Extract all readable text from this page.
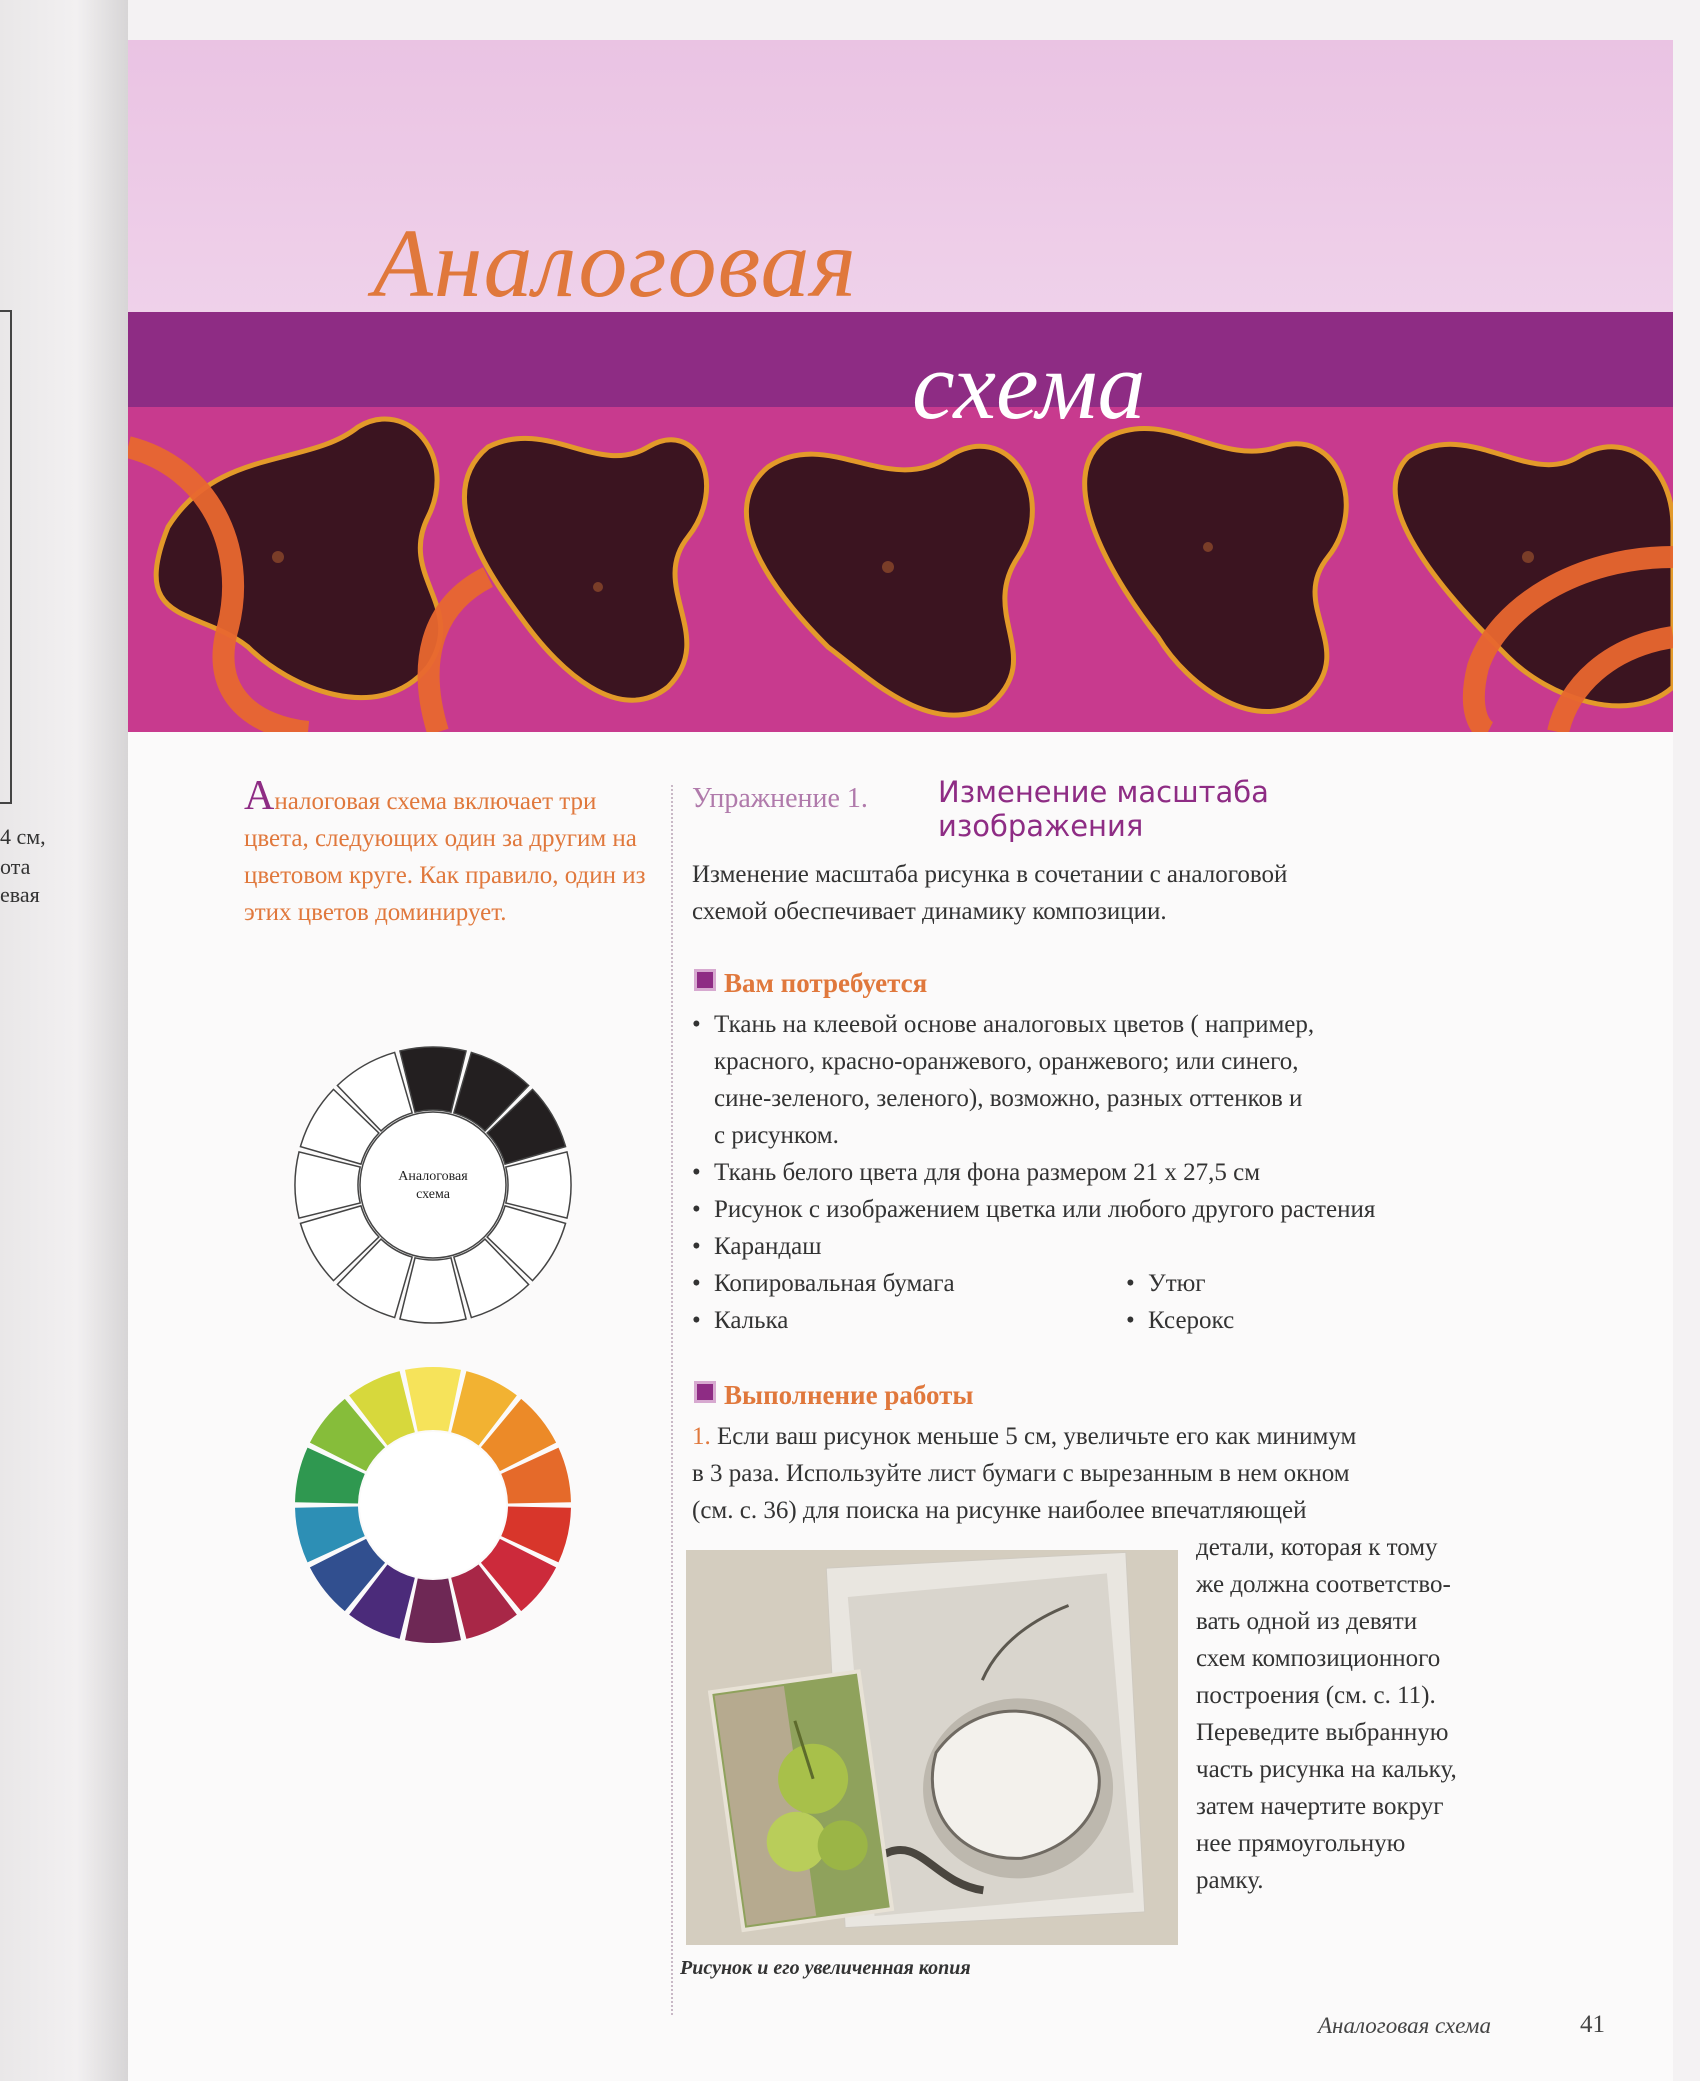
4 см,
ота
евая
Аналоговая
схема
Аналоговая схема включает три цвета, следующих один за другим на цветовом круге. Как правило, один из этих цветов доминирует.
Аналоговая
схема
Упражнение 1. Изменение масштаба
изображения
Изменение масштаба рисунка в сочетании с аналоговой
схемой обеспечивает динамику композиции.
Вам потребуется
• Ткань на клеевой основе аналоговых цветов ( например,
красного, красно-оранжевого, оранжевого; или синего,
сине-зеленого, зеленого), возможно, разных оттенков и
с рисунком.
• Ткань белого цвета для фона размером 21 х 27,5 см
• Рисунок с изображением цветка или любого другого растения
• Карандаш
• Копировальная бумага
• Калька
• Утюг
• Ксерокс
Выполнение работы
1. Если ваш рисунок меньше 5 см, увеличьте его как минимум
в 3 раза. Используйте лист бумаги с вырезанным в нем окном
(см. с. 36) для поиска на рисунке наиболее впечатляющей
детали, которая к тому
же должна соответство-
вать одной из девяти
схем композиционного
построения (см. с. 11).
Переведите выбранную
часть рисунка на кальку,
затем начертите вокруг
нее прямоугольную
рамку.
Рисунок и его увеличенная копия
Аналоговая схема	41
